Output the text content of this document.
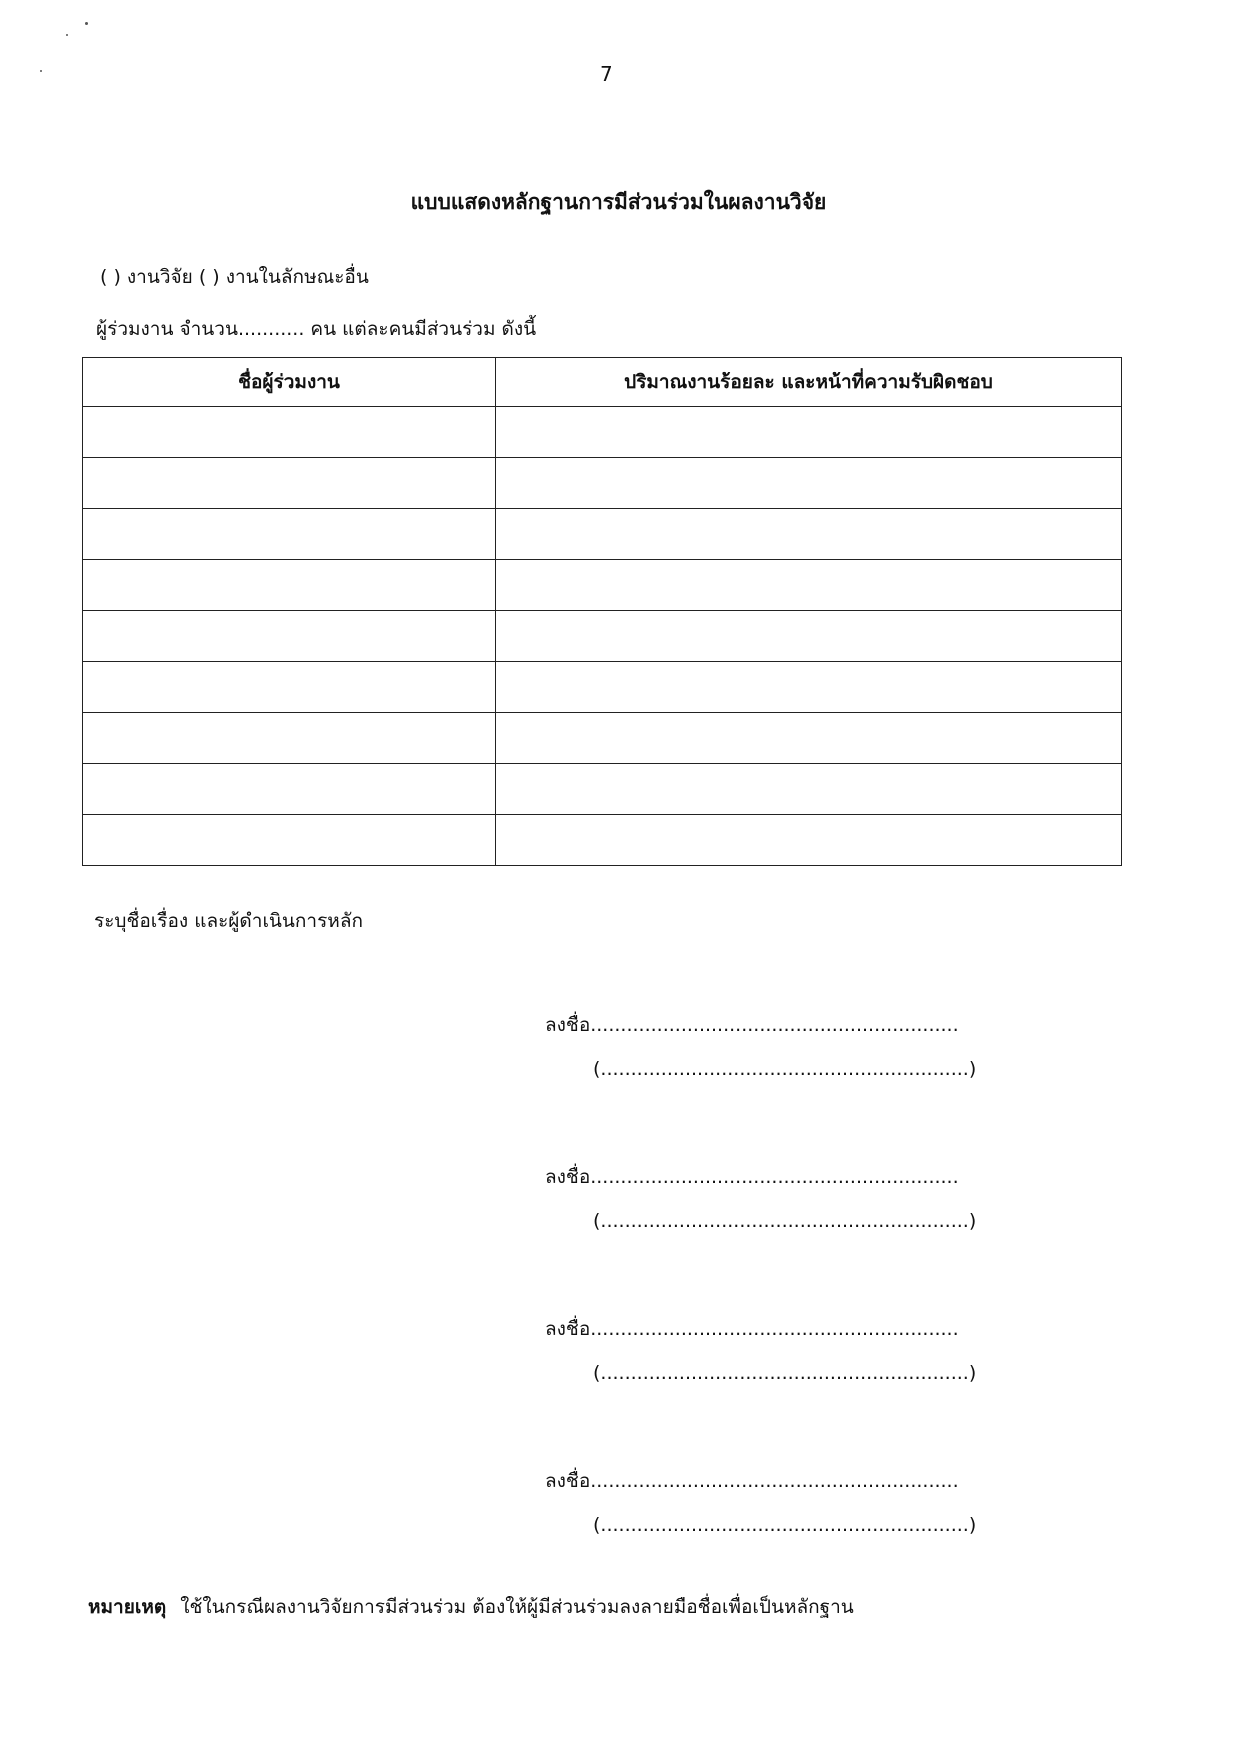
7
แบบแสดงหลักฐานการมีส่วนร่วมในผลงานวิจัย
( ) งานวิจัย ( ) งานในลักษณะอื่น
ผู้ร่วมงาน จำนวน........... คน แต่ละคนมีส่วนร่วม ดังนี้
ชื่อผู้ร่วมงาน	ปริมาณงานร้อยละ และหน้าที่ความรับผิดชอบ

ระบุชื่อเรื่อง และผู้ดำเนินการหลัก
ลงชื่อ.............................................................
(.............................................................)
ลงชื่อ.............................................................
(.............................................................)
ลงชื่อ.............................................................
(.............................................................)
ลงชื่อ.............................................................
(.............................................................)
หมายเหตุ ใช้ในกรณีผลงานวิจัยการมีส่วนร่วม ต้องให้ผู้มีส่วนร่วมลงลายมือชื่อเพื่อเป็นหลักฐาน
